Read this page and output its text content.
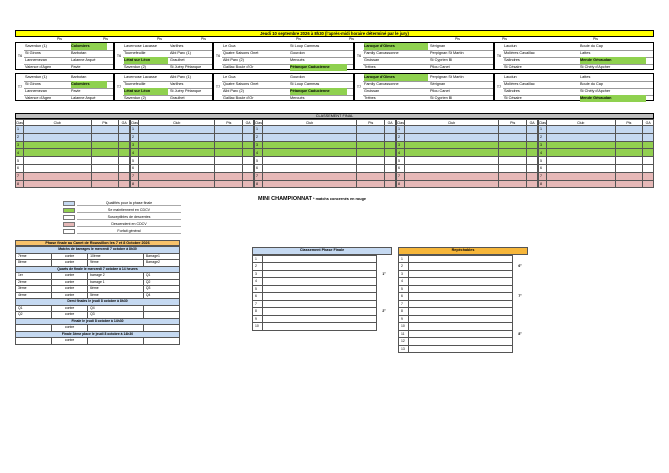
Jeudi 10 septembre 2026 à 8h30 (l'après-midi horaire déterminé par le jury)
Pts	Pts	Pts	Pts	Pts	Pts	Pts	Pts	Pts
T6
Saverdun (1)	Colomiers
St Girons	Barbotan
Lannemezan	Lalanne Arqué
Valence d'Agen	Pavie
T6
Lavernose Lacasse	Varilhes
Tournefeuille	Albi Parc (1)
Létat sur Léon	Graulhet
Saverdun (2)	St Juéry Pétanque
T6
Le Gua	St Loup Cammas
Quatre Saisons Onet	Gourdon
Albi Parc (2)	Mercués
Gaillac Boule d'Or	Pétanque Caducienne
T6
Laroque d'Olmes	Sérignan
Family Carcassonne	Perpignan St Martin
Gruissan	St Cyprien Bl
Trèbes	Pilou Canet
T6
Laudun	Boule du Cap
Molières Cavaillac	Lattes
Salindres	Mende Gévaudan
St Césaire	St Chély d'Apcher
T7
Saverdun (1)	Barbotan
St Girons	Colomiers
Lannemezan	Pavie
Valence d'Agen	Lalanne Arqué
T7
Lavernose Lacasse	Albi Parc (1)
Tournefeuille	Varilhes
Létat sur Léon	St Juéry Pétanque
Saverdun (2)	Graulhet
T7
Le Gua	Gourdon
Quatre Saisons Onet	St Loup Cammas
Albi Parc (2)	Pétanque Caducienne
Gaillac Boule d'Or	Mercués
T7
Laroque d'Olmes	Perpignan St Martin
Family Carcassonne	Sérignan
Gruissan	Pilou Canet
Trèbes	St Cyprien Bl
T7
Laudun	Lattes
Molières Cavaillac	Boule du Cap
Salindres	St Chély d'Apcher
St Césaire	Mende Gévaudan
CLASSEMENT FINAL
Clas	Club	Pts	GA
1			
2			
3			
4			
5			
6			
7			
8			
Clas	Club	Pts	GA
1			
2			
3			
4			
5			
6			
7			
8			
Clas	Club	Pts	GA
1			
2			
3			
4			
5			
6			
7			
8			
Clas	Club	Pts	GA
1			
2			
3			
4			
5			
6			
7			
8			
Clas	Club	Pts	GA
1			
2			
3			
4			
5			
6			
7			
8			
MINI CHAMPIONNAT * matchs concernés en rouge
Qualifiés pour la phase finale
Se maintiennent en CDCV
Susceptibles de descentes
Descendent en CDCV
Forfait général
Phase finale au Canet de Roussillon les 7 et 8 Octobre 2026
Matchs de barrages le mercredi 7 octobre à 8h30			
7ème	contre	10ème	Barrage1
8ème	contre	9ème	Barrage2
Quarts de finale le mercredi 7 octobre à 14 heures			
1er	contre	barrage 2	Q1
2ème	contre	barrage 1	Q2
3ème	contre	6ème	Q3
4ème	contre	5ème	Q4
Demi finales le jeudi 8 octobre à 8h30			
Q1	contre	Q4	
Q2	contre	Q3	
Finale le jeudi 8 octobre à 14h30			
	contre		
Finale 3ème place le jeudi 8 octobre à 14h30			
	contre		
Classement Phase Finale
1		
2		
3		1°
4		
5		
6		
7		
8		2°
9		
10		
Repéchables
1		
2		6°
3		
4		
5		
6		7°
7		
8		
9		
10		
11		8°
12		
13		
